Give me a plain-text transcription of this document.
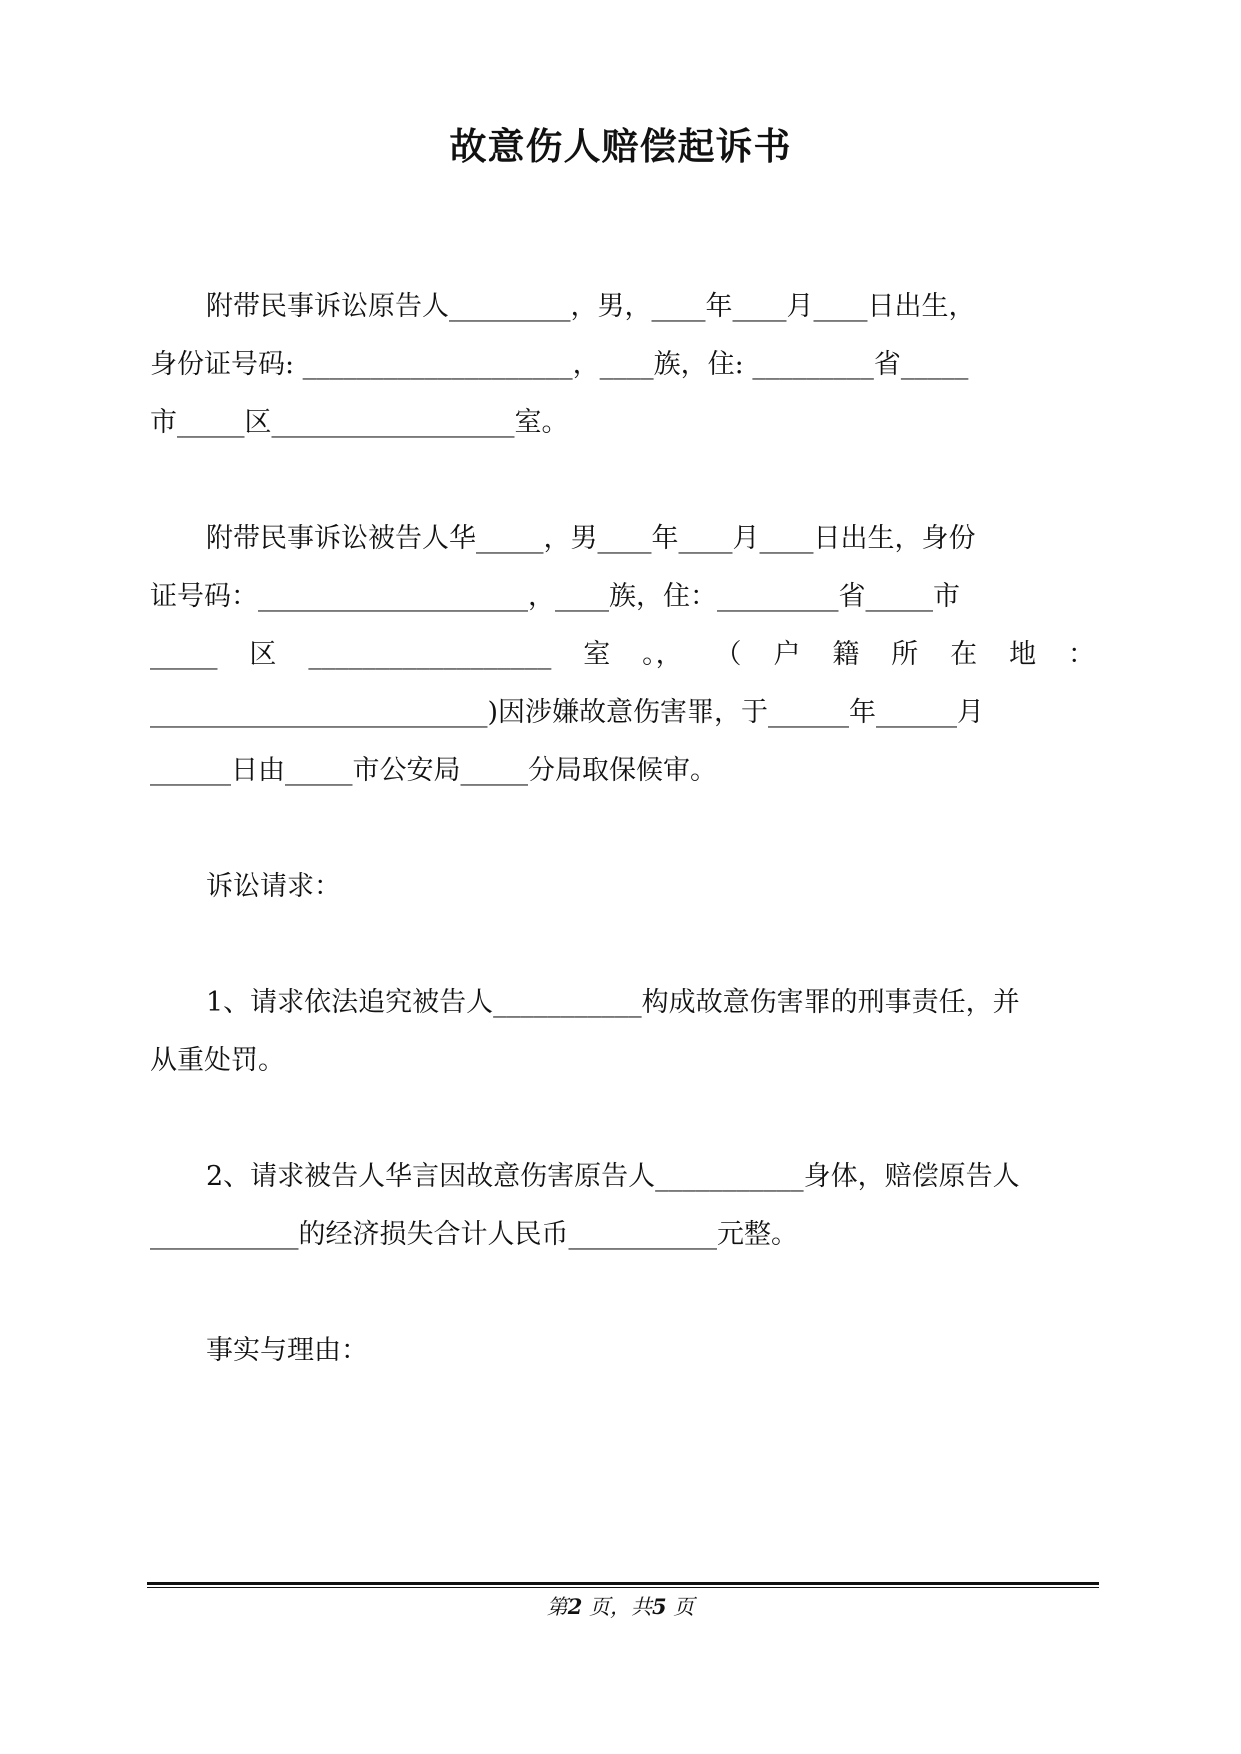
故意伤人赔偿起诉书
附带民事诉讼原告人_________，男，____年____月____日出生，
身份证号码: ____________________，____族，住: _________省_____
市_____区__________________室。
附带民事诉讼被告人华_____，男____年____月____日出生，身份
证号码：____________________，____族，住：_________省_____市
_____ 区 __________________ 室 。， （ 户 籍 所 在 地 ：
_________________________)因涉嫌故意伤害罪，于______年______月
______日由_____市公安局_____分局取保候审。
诉讼请求：
1、请求依法追究被告人___________构成故意伤害罪的刑事责任，并
从重处罚。
2、请求被告人华言因故意伤害原告人___________身体，赔偿原告人
___________的经济损失合计人民币___________元整。
事实与理由：
第2 页，共5 页
